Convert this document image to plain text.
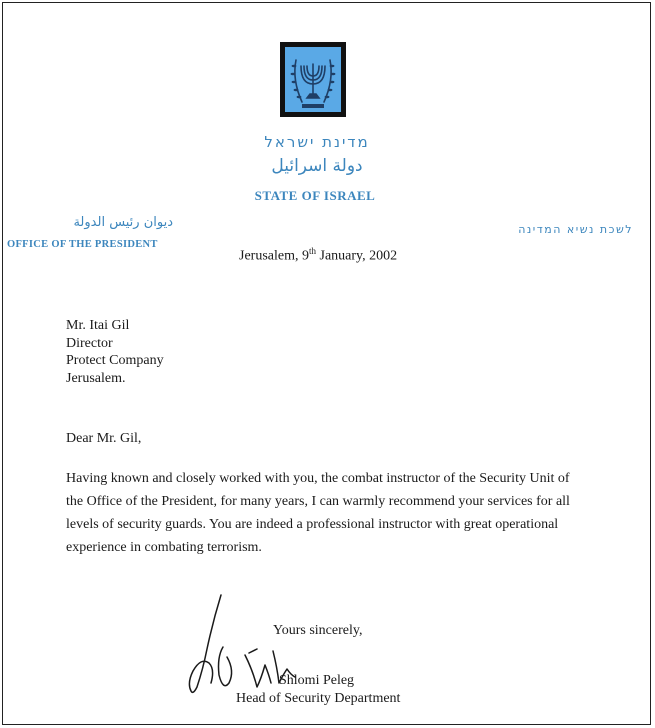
מדינת ישראל
دولة اسرائيل
STATE OF ISRAEL
ديوان رئيس الدولة
OFFICE OF THE PRESIDENT
לשכת נשיא המדינה
Jerusalem, 9th January, 2002
Mr. Itai Gil
Director
Protect Company
Jerusalem.
Dear Mr. Gil,
Having known and closely worked with you, the combat instructor of the Security Unit of
the Office of the President, for many years, I can warmly recommend your services for all
levels of security guards. You are indeed a professional instructor with great operational
experience in combating terrorism.
Yours sincerely,
Shlomi Peleg
Head of Security Department
